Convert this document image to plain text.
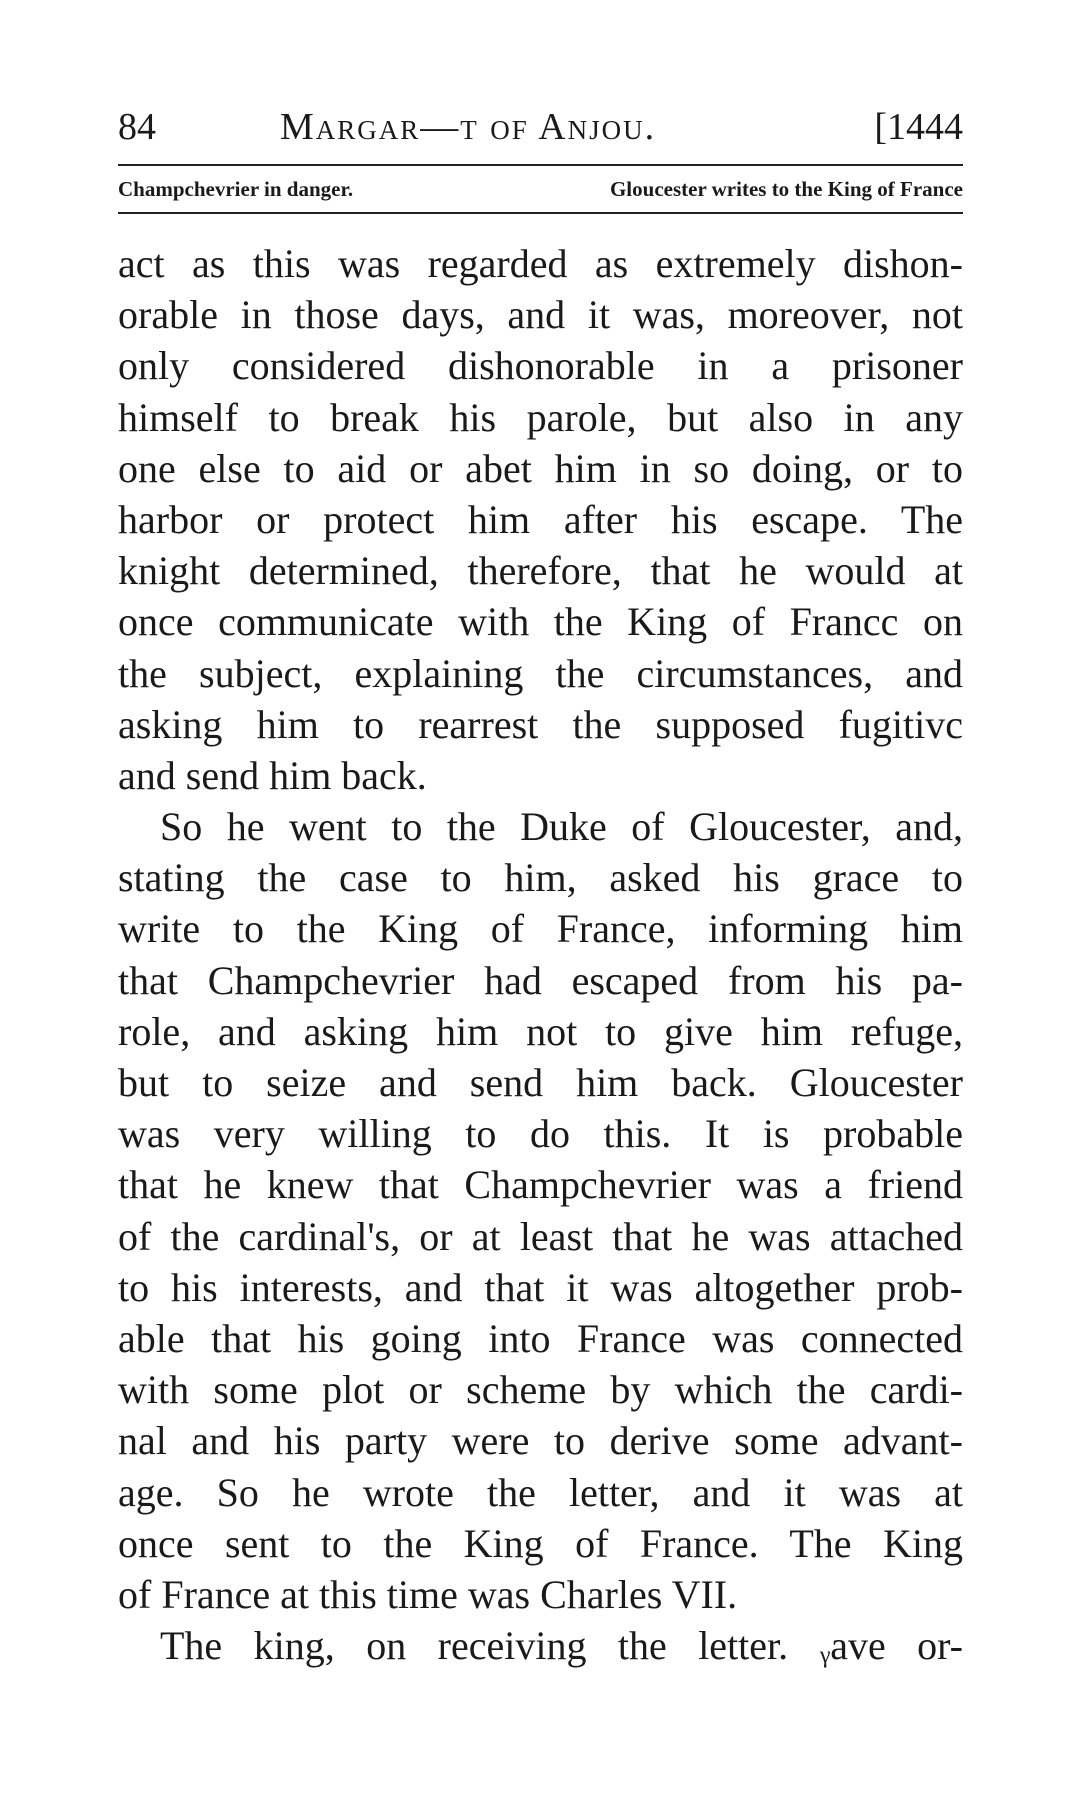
84	Margar—t of Anjou.	[1444
Champchevrier in danger.	Gloucester writes to the King of France
act as this was regarded as extremely dishon-
orable in those days, and it was, moreover, not
only considered dishonorable in a prisoner
himself to break his parole, but also in any
one else to aid or abet him in so doing, or to
harbor or protect him after his escape. The
knight determined, therefore, that he would at
once communicate with the King of Francc on
the subject, explaining the circumstances, and
asking him to rearrest the supposed fugitivc
and send him back.
So he went to the Duke of Gloucester, and,
stating the case to him, asked his grace to
write to the King of France, informing him
that Champchevrier had escaped from his pa-
role, and asking him not to give him refuge,
but to seize and send him back. Gloucester
was very willing to do this. It is probable
that he knew that Champchevrier was a friend
of the cardinal's, or at least that he was attached
to his interests, and that it was altogether prob-
able that his going into France was connected
with some plot or scheme by which the cardi-
nal and his party were to derive some advant-
age. So he wrote the letter, and it was at
once sent to the King of France. The King
of France at this time was Charles VII.
The king, on receiving the letter. ᵧave or-
